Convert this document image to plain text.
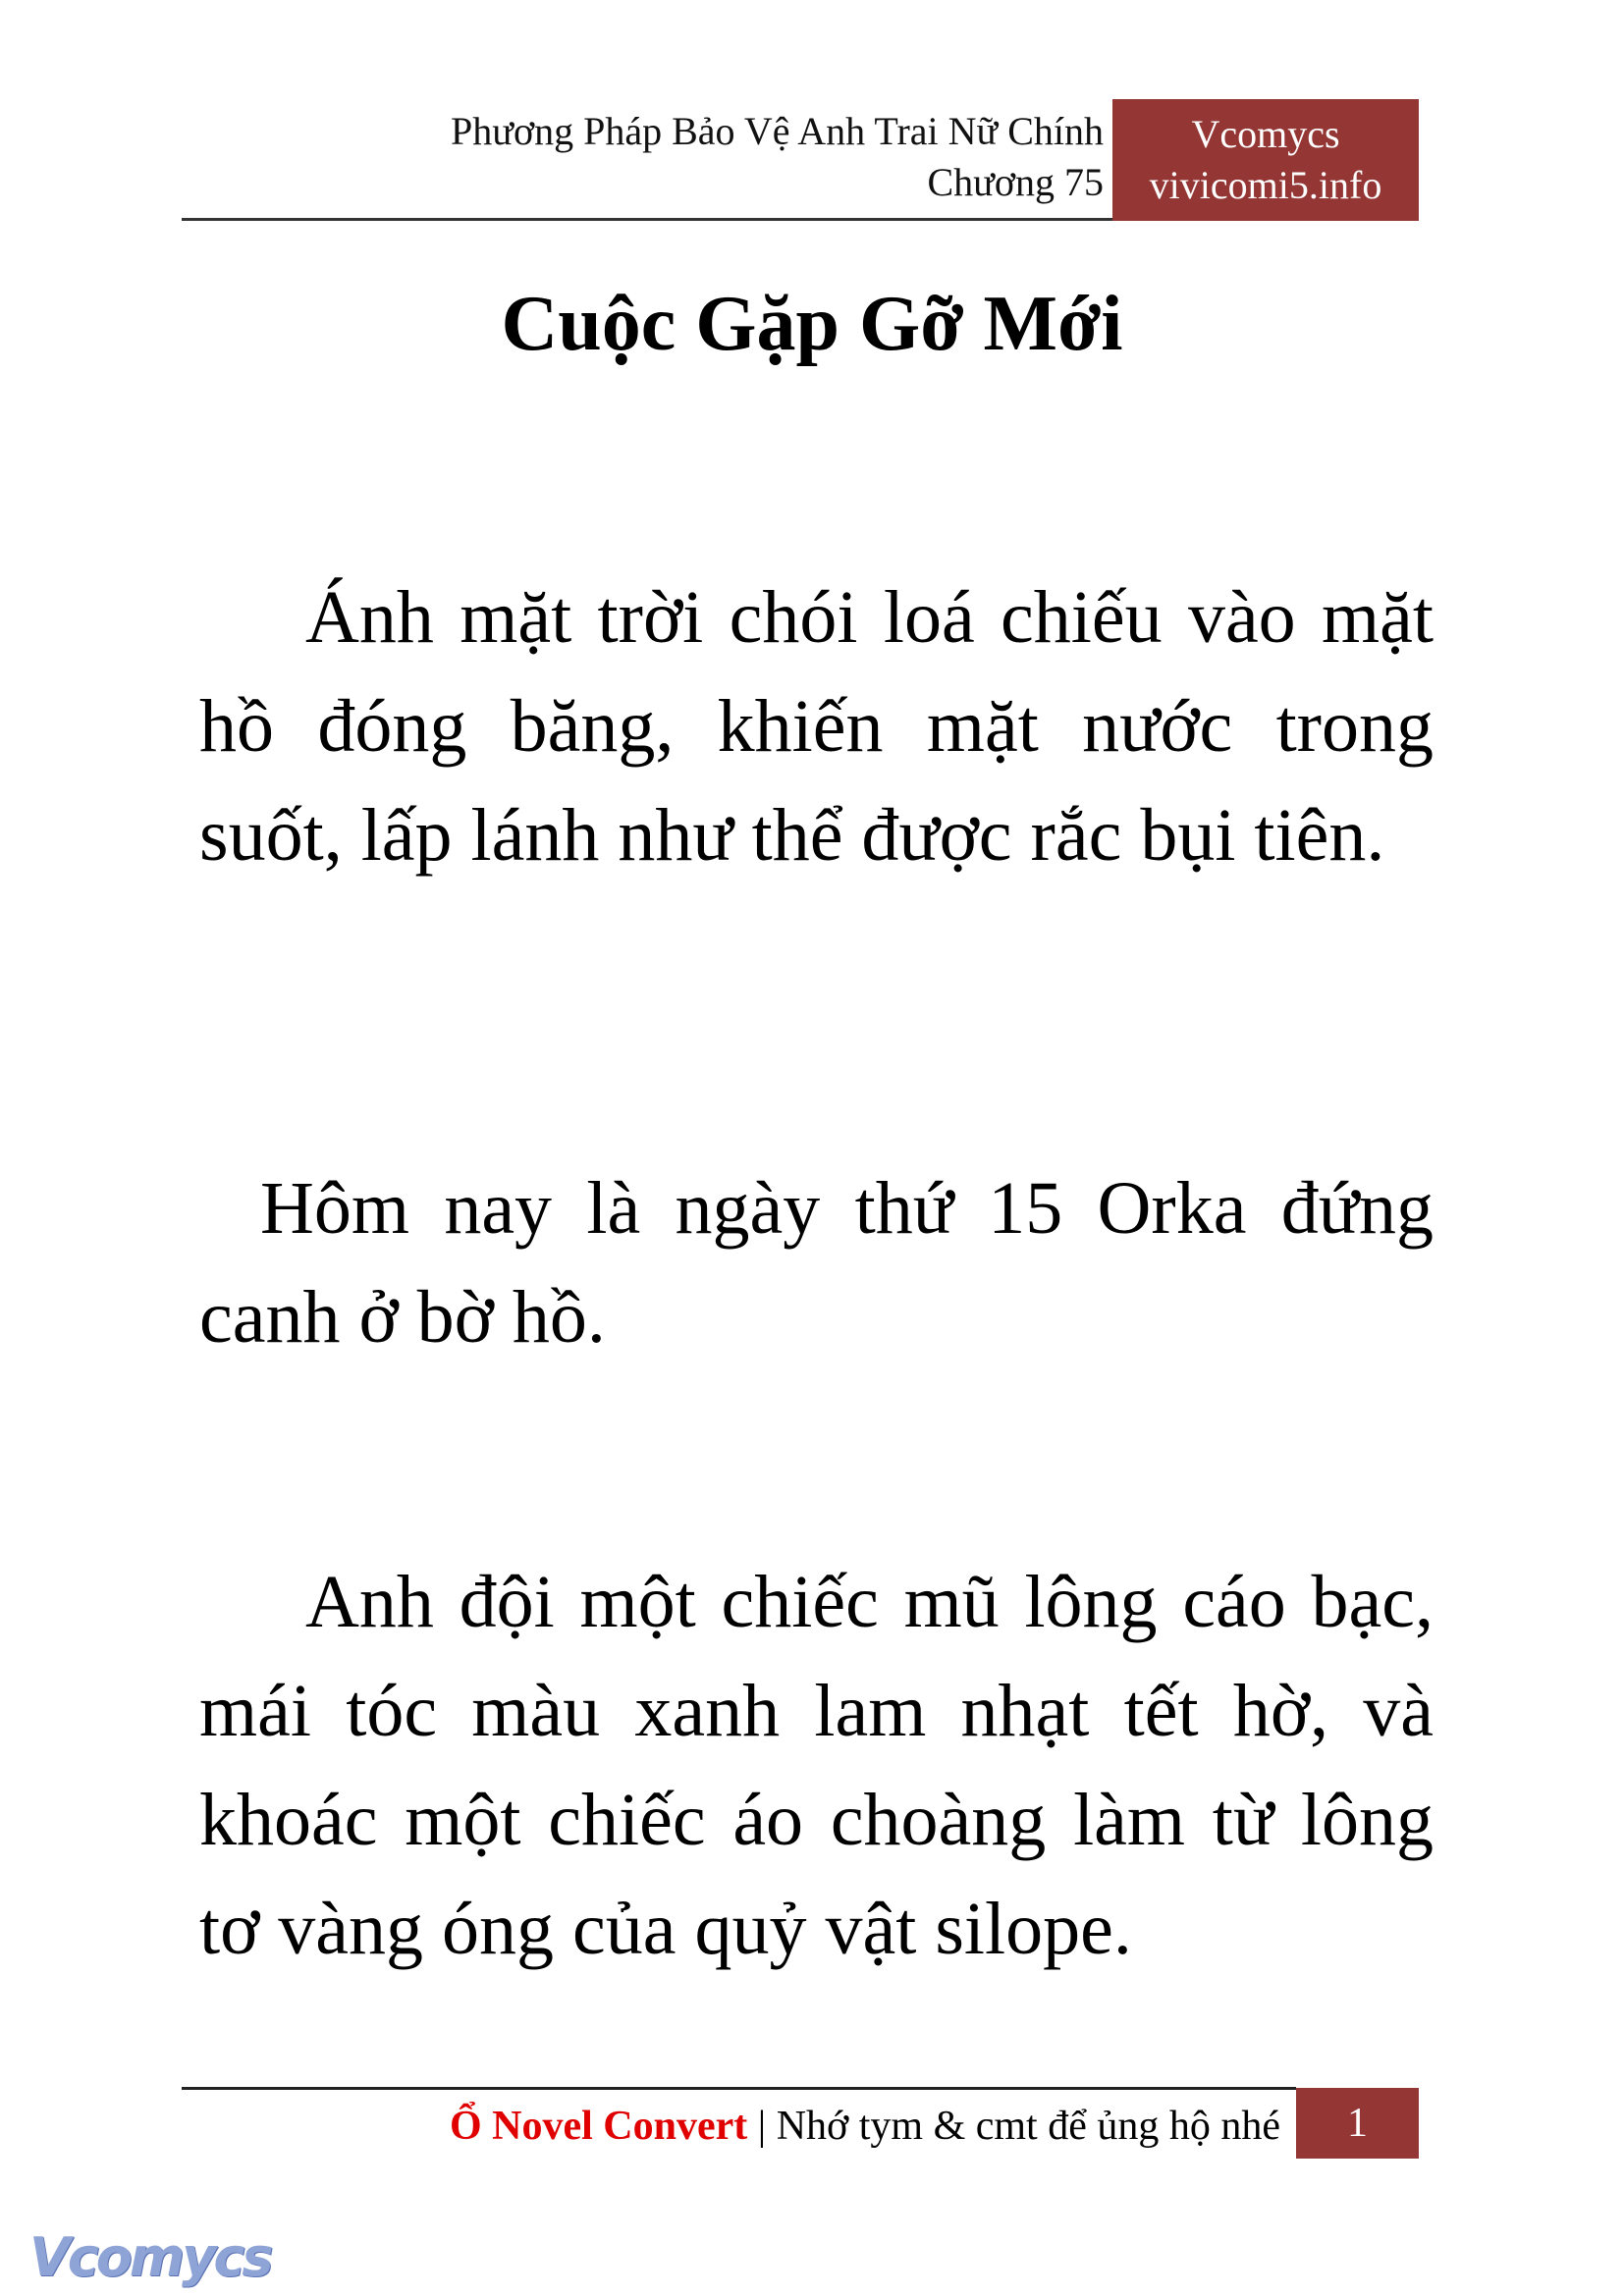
Phương Pháp Bảo Vệ Anh Trai Nữ Chính
Chương 75
Vcomycs
vivicomi5.info
Cuộc Gặp Gỡ Mới

Ánh mặt trời chói loá chiếu vào mặt hồ đóng băng, khiến mặt nước trong suốt, lấp lánh như thể được rắc bụi tiên.

Hôm nay là ngày thứ 15 Orka đứng canh ở bờ hồ.

Anh đội một chiếc mũ lông cáo bạc, mái tóc màu xanh lam nhạt tết hờ, và khoác một chiếc áo choàng làm từ lông tơ vàng óng của quỷ vật silope.

Ổ Novel Convert | Nhớ tym & cmt để ủng hộ nhé	1
Vcomycs
